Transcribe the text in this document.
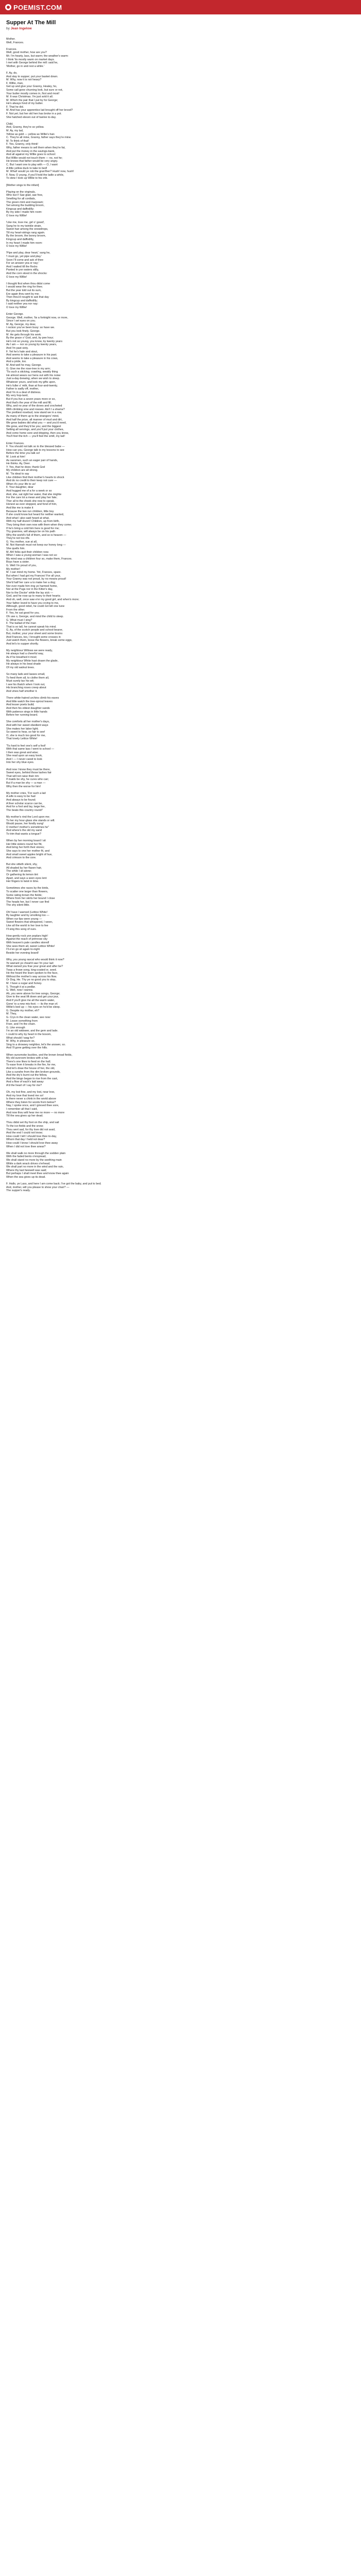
POEMIST.COM
Supper At The Mill
by Jean Ingelow
Mother.
Well, Frances.
Frances.
Well, good mother, how are you?
Mr. I'm hearty, lass, but warm; the weather's warm:
I think 'tis mostly warm on market days.
I met with George behind the mill: said he,
'Mother, go in and rest a while.'
F. Ay, do,
And stay to supper; put your basket down.
M. Why, now it is not heavy?
F. Willie, man,
Get up and give your Granny, Healey, ho,
Some call gone churning look, but sure or not,
Your butter mostly comes in, first and most!
M. It was Christmas. I'm just sold it all.
M. Which the pair that I put by for George;
He's always fond of my butter.
F. That he did.
M. And has your apprentice lad brought off her brood?
F. Not yet; but her old hen has broke in a pot.
She hatched eleven out of twelve to-day.
Child.
And, Granny, they're so yellow.
M. Ay, my lad,
Yellow as gold — yellow as Willie's hair.
C. They're all mine, Granny, father says they're mine.
M. To think of that!
F. Yes, Granny, only think!
Why, father means to sell them when they're fat,
And put the money in the savings-bank,
And all against my Willie goes to school:
But Willie would not touch them — no, not he;
He knows that father would be very angry.
C. But I want one to play with — O, I want
A little yellow duck to take to bed!
M. What! would ye rob the gran'ther? Hush! now, hush!
F. Now, O young, if you'll hold the ladle a while,
To stew I took up Willie to his crib.
[Mother sings to the infant]
Playing on the virginals,
Who but I! Sae glad, sae free,
Smelling for all cordials,
The green mint and marjoram;
Set among the budding broom,
Kingcup and daffodilly;
By my side I made him room:
O love my Willie!
'Like me, love me, girl o' gowd',
Sang he to my twinkle strain,
Sweet hair among the snowdrops,
Till my heart-strings rang again.
By the broom, the bonny broom,
Kingcup and daffodilly,
In my heart I made him room:
O love my Willie!
'Pipe and play, dear heart,' sang he,
'I must go, yet pipe and play.'
Soon I'll come and ask of thee
For an answer yea or nay;'
And I waited till the flocks
Panted in yon waters stilly,
And the corn stood in the shocks:
O love my Willie!
I thought first when thou didst come
I would wear the ring for thee;
But the year told out its sum,
Ere again thou wert by me;
Then thou'd nought to ask that day
By kingcup and daffodilly;
I said neither yea nor nay:
O love my Willie!
Enter George.
George. Well, mother, 'tis a fortnight now, or more,
Since I set eyes on you.
M. Ay, George, my dear,
I reckon you've been busy: so have we.
But you look finely. George.
M. He gets through his work.
By the grace o' God, and, by pee hour;
He's not so young, you know, by twenty years
As I am — nor so young by twenty years,
And I'm past sixty.
F. Yet he's hale and stout,
And seems to take a pleasure in his past.
And seems to take a pleasure in his cows,
And a pride, too.
M. And well he may, George.
G. Give me the rose-tree in my arm;
'Tis such a sticking, crawling, weakly thing
He almost wears our hens out with his noise
Just a-day-brewing, when we wish to sleep.
Whatever yours, and look my gifts upon,
He's fuller o' milk, than at four-and-twenty,
Father is sadly off, mother,
And I'm in a deal of distress.
My very hop-land,
But if you live a seven years more or so,
And that's the year of the mill and fill;
Why, and no year of the doves and crocheted
With climbing vine and rowses. Ain't I a shame?
The prettiest rosebud, now stand we in a row,
As many of them up to the strangers' mind,
And half the prize, all manner of mud and dirt,
We grow babies did what you — and you'd need,
We grow, and they'd be you; and the biggest
Setting all servings, and you'll put your clothes,
And come home sore and dripping, then you know,
You'll feel the itch — you'll feel the smill, my lad!
Enter Frances.
F. You should not talk so to the blessed babe —
How can you, George talk to my lessons to see
Before the time you talk so!
M. Look at him!
As oarsmen, such an eager pair of hands,
He thinks. Ay, Deer.
Y. Yes, that he does; thank God
My children are all strong.
M. 'Tis ideal to say
Like children find their mother's hearts to shock
And do no credit to their keep not care —
When it's your life to us!
F. Your daughter, dear
And hugged me of a for a week or so
And, she, sat right her water, that she mighte
For the care lot a mean and play her fate;
Ther all to the cheek she now to speak,
Honest as ever stopped, and fond of him,
And like me is make it
Because the two run children, little boy
If she could know but heard for neither wanted,
And what I also said heard at what,
With my half dozen! Children, up from birth,
They bring their own now with them when they come;
If he's bring a cold him here is good for me;
Thy grannies, will always be on his path
Why the world's full of them, and so is heaven —
They're not too rife.
G. You mother, sue at all,
M. Not Hannah must not keep our honey long —
She quells him.
M. Ah! folks quit their children now.
When I was a young woman I was not so:
My mind was a children four so, make them, Frances.
Boys have a sister.
G. Well I'm proud of you,
My mother!
M. I can mind my home. Yet, Frances, spare.
But when I had got my Frances! For all your,
Your Granny was not proud, by no means proud!
She'd half her care a to make her a dog;
Nor ever made him ring ye harmed home,
Nor at the Pugs nor in the Kitter's day,
Nor to the Doctor' while the lay sick —
God, and he rose up to many to their hearts;
And oh, well, once saw e'er my good girl, and when's more;
Your father loved to have you crying to me,
Although, good rebel, he could not tell one tune
From the other.
F. Yes, he sat good for you.
Oh use o, George, and mind the child to sleep.
G. What must I sing?
F. The ballad of the man
That is so tall, he cannot speak his mind.
G. Ay, of the scotch people and school-bearer,
But, mother, your your sheet and some bruins
And Frances, too, I brought some crosses in
Just watch them, loose the flowers, break some eggs,
And let's to supper shortly.
My neighbour Willows we were ready,
He always had a cheerful way,
As if he breathed it most;
My neighbour White hast drawn the glade,
He always in his beat shade
Of my old walnut trees.
So many lads and lasses small,
To feed them all, to clothe them all,
Must surely tax his wit;
I see his thatch when I look out,
His branching roses creep about
And vines half smother it.
There white-haired urchins climb his eaves
And little watch the tree-sprout leaves
And lesser poets build;
And then his eldest daughter sands
With patience sings in little hands
Before her running board.
She comforts all her mother's days,
And with her sweet obedient ways
She makes her labor light;
So sweet to hear, so fair to see!
O, she is much too good for me,
That lovely Lettice White!
'Tis hard to feel one's self a fool!
With that same lass I went to school —
I then was great and wise;
She read upon an easy book,
And I — I never cared to look
Into her shy blue eyes.
And now I know they must be there,
Sweet eyes, behind those lashes fair
That will not raise their rim:
If maids be shy, he cures who can;
But if a man be shy — a man —
Why then the worse for him!
My mother cries, 'For such a lad
A wife is easy to be had
And always to be found;
A finer scholar scarce can be,
And for a fool and lay, large fee,
The beats this country round!'
My mother's rind the Lord upon me;
To her my hour-glass she stands or will.
Would pause, her fondly sung!
O mother! mother's sometimes he"
And where's the old my sand
To trim that wants a tongue?
When by her morning board I sit
Her little sisters round her flit,
And bring her forth their stores;
She says to one her mother fit, and
And small sweet apples bright of hue,
And crimson to the core.
But she sitteth silent, shy,
All shaded by her flaxen hair,
The while I sit alone;
Or gathering its lemon tint
Apart, and says a seen eyes lent
Her fingers to twist in time.
Sometimes she races by the birds,
To scatter one larger than flowers,
Some rating brown the fields;
Where from her skirts her bound I close
The heads her, but I never can find
The shy silent little.
Oh! have I warned (Lettice White!
By laughter and by smolking too —
When our lips were young —
Sweet flowers that whispered, I ween,
Like all the world in her love to fee
I'll sing this song of ours.
How gently rock yon poplars high!
Against the reach of primrose sky
With heaven's pale candles stored!
She sees them all, sweet Lettice White!
I'll e'en go sit again to-night
Beside her evening board!
Why, you young rascal who would think it now?
Ye warrant ye cheat'd sae I'm your lad:
What owned you frae your great and after be?
Twas a frowe song, king-coated or, seed.
He the heard the learn spoken to the face,
Without the mother's way across his flow.
Or Dog, He. Thy ye no good you to stop,
M. I have a sugar and honey.
S. Though it at a pedlar.
G. Well, now I wanna
Ah, you were above for tree songs, George;
Give to the seat lift down and get your jour,
And if you'll give me all the warm water,
Gone' to a new mis-foot; — its the man of.
Willie's bed up — his eyes on ho'd be sleep.
G. Despite my mother, eh?
M. They,
G. Crys in the clean water, see now:
M. Leave something from
Fiver, and I'm the chain.
G. Like enough
I'm an old widower, and the gem and lade.
I could to why by heart in the bosom,
What should I wag for?
M. Why, in pleasure so,
Sing to a drowsey neighbor, let's the answer, so.
And I'll gone getting over the hills.
When sunsmoke buckles, and the brown broad fields,
My old sunroom brokes with a hat.
There's one likes to feed on the hall;
To ease from it breaks in the fire, for me,
And let's draw the house of her, the old,
Like a sunshe from the dim broken grounds,
And the dry's burnt out the fellow,
And the bingo began to rise from the cast,
And a flow of each's laid away:
A'd the heart of I say for me?
Oh, my lost fine, and my lost, near love,
And my love that loved me so!
Is there never a chink in the world above
Where they listen for words from below?
Nay, I spoke once, and I grieved thee sore,
I remember all that I said,
And now thou wilt hear me no more — no more
Till the sea gives up her dead.
Thou didst set thy foot on the ship, and sail
To the ice-fields and the snow;
Thou wert sad, for thy love did not avail,
And the end I could not know;
How could I tell I should love thee to-day,
Whom that day I held not dear?
How could I know I should love thee away
When I did not love thee anear?
We shall walk no more through the sodden plain
With the faded bents o'erspread,
We shall stand no more by the seething main
While a dark wrack drives o'erhead;
We shall part no more in the wind and the rain,
Where thy last farewell was said;
But perhaps I shall meet thee and know thee again
When the sea gives up its dead.
F. Hallo, ye Lass, and here I am come back; I've got the baby, and put to bed;
And, mother, will you please to show your chair? —
The supper's ready.
